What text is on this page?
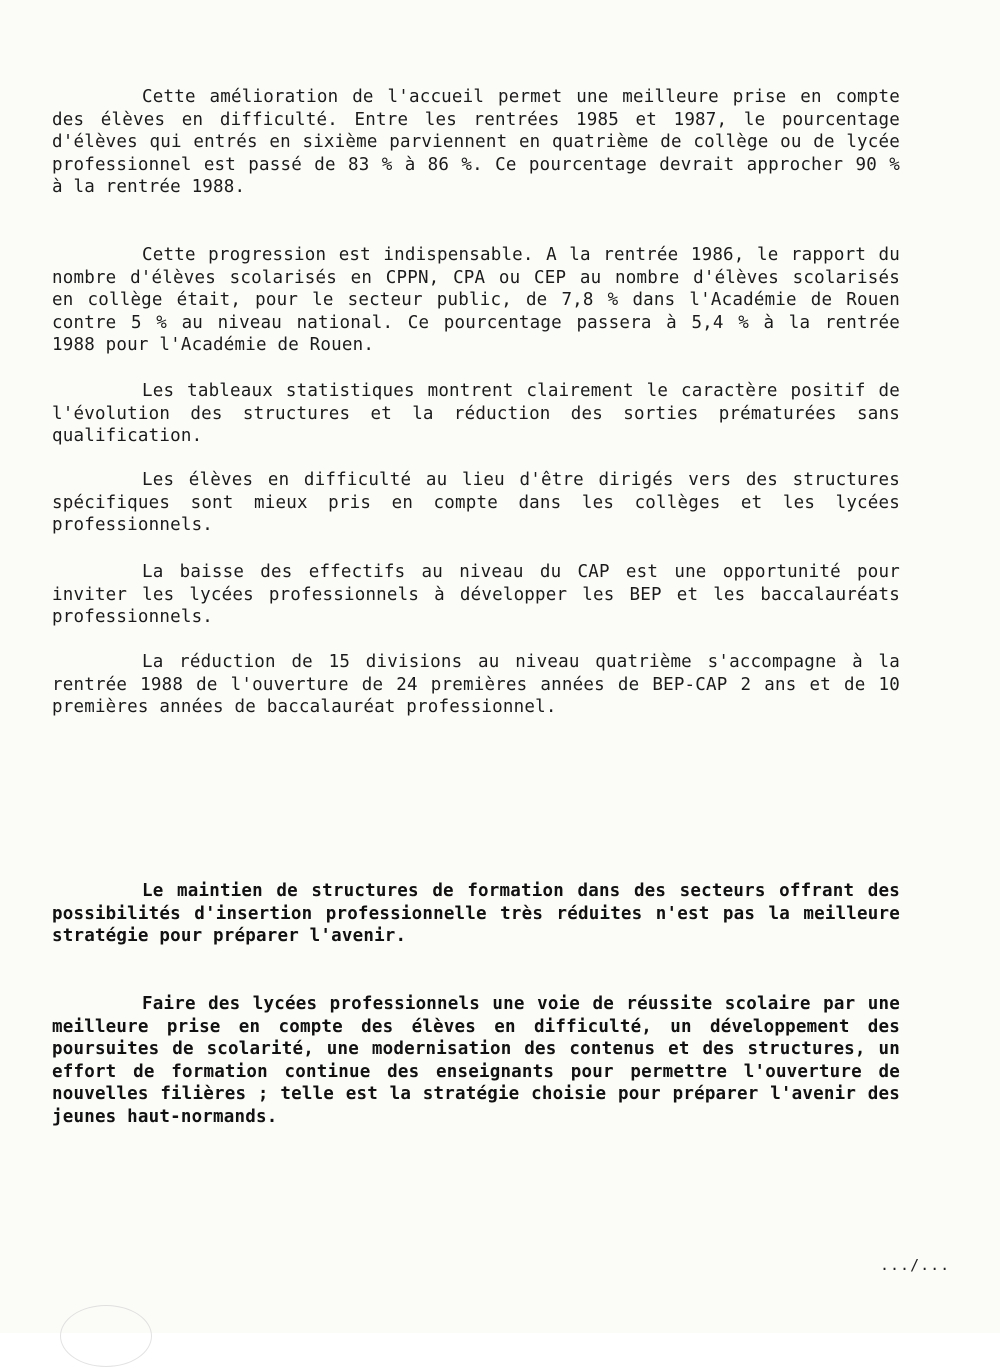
Cette amélioration de l'accueil permet une meilleure prise en compte des élèves en difficulté. Entre les rentrées 1985 et 1987, le pourcentage d'élèves qui entrés en sixième parviennent en quatrième de collège ou de lycée professionnel est passé de 83 % à 86 %. Ce pourcentage devrait approcher 90 % à la rentrée 1988.

Cette progression est indispensable. A la rentrée 1986, le rapport du nombre d'élèves scolarisés en CPPN, CPA ou CEP au nombre d'élèves scolarisés en collège était, pour le secteur public, de 7,8 % dans l'Académie de Rouen contre 5 % au niveau national. Ce pourcentage passera à 5,4 % à la rentrée 1988 pour l'Académie de Rouen.

Les tableaux statistiques montrent clairement le caractère positif de l'évolution des structures et la réduction des sorties prématurées sans qualification.

Les élèves en difficulté au lieu d'être dirigés vers des structures spécifiques sont mieux pris en compte dans les collèges et les lycées professionnels.

La baisse des effectifs au niveau du CAP est une opportunité pour inviter les lycées professionnels à développer les BEP et les baccalauréats professionnels.

La réduction de 15 divisions au niveau quatrième s'accompagne à la rentrée 1988 de l'ouverture de 24 premières années de BEP-CAP 2 ans et de 10 premières années de baccalauréat professionnel.

Le maintien de structures de formation dans des secteurs offrant des possibilités d'insertion professionnelle très réduites n'est pas la meilleure stratégie pour préparer l'avenir.

Faire des lycées professionnels une voie de réussite scolaire par une meilleure prise en compte des élèves en difficulté, un développement des poursuites de scolarité, une modernisation des contenus et des structures, un effort de formation continue des enseignants pour permettre l'ouverture de nouvelles filières ; telle est la stratégie choisie pour préparer l'avenir des jeunes haut-normands.

.../...
